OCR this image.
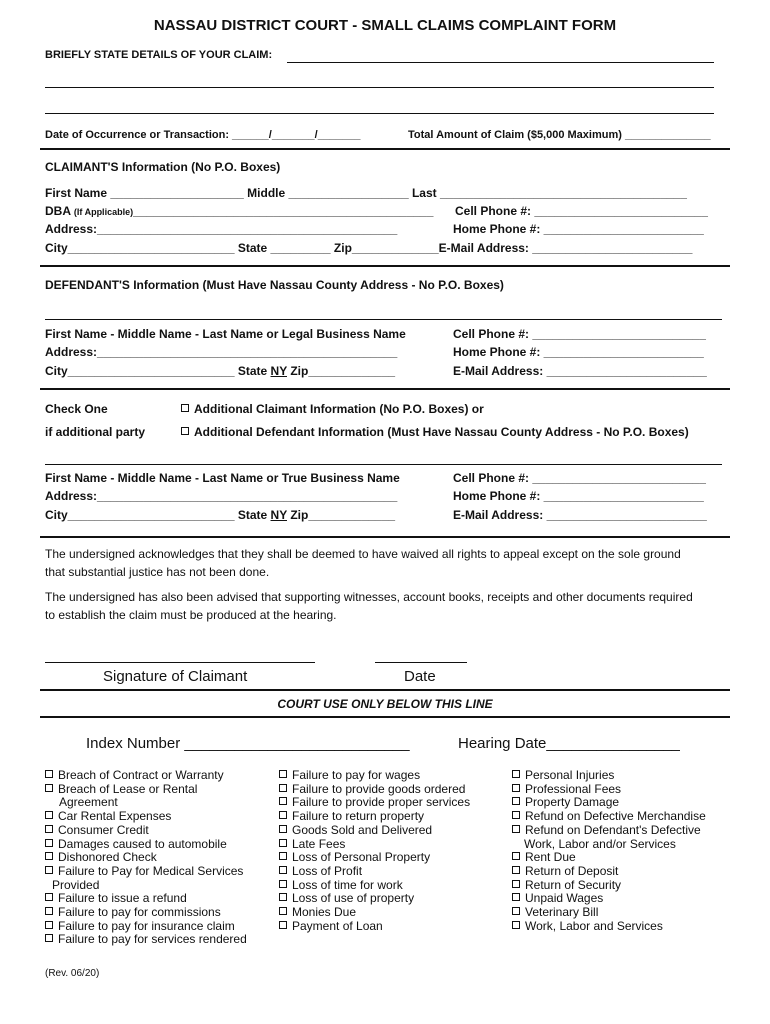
NASSAU DISTRICT COURT - SMALL CLAIMS COMPLAINT FORM
BRIEFLY STATE DETAILS OF YOUR CLAIM:
Date of Occurrence or Transaction: ______/_______/_______	Total Amount of Claim ($5,000 Maximum) ______________
CLAIMANT'S Information (No P.O. Boxes)
First Name ____________________ Middle __________________ Last _____________________________________
DBA (If Applicable)_____________________________________________ Cell Phone #: __________________________
Address:_____________________________________________	Home Phone #: ________________________
City_________________________ State _________ Zip_____________E-Mail Address: ________________________
DEFENDANT'S Information (Must Have Nassau County Address - No P.O. Boxes)
First Name - Middle Name - Last Name or Legal Business Name	Cell Phone #: __________________________
Address:_____________________________________________	Home Phone #: ________________________
City_________________________ State NY Zip_____________	E-Mail Address: ________________________
Check One
if additional party
Additional Claimant Information (No P.O. Boxes) or
Additional Defendant Information (Must Have Nassau County Address - No P.O. Boxes)
First Name - Middle Name - Last Name or True Business Name	Cell Phone #: __________________________
Address:_____________________________________________	Home Phone #: ________________________
City_________________________ State NY Zip_____________	E-Mail Address: ________________________
The undersigned acknowledges that they shall be deemed to have waived all rights to appeal except on the sole ground
that substantial justice has not been done.
The undersigned has also been advised that supporting witnesses, account books, receipts and other documents required
to establish the claim must be produced at the hearing.
Signature of Claimant	Date
COURT USE ONLY BELOW THIS LINE
Index Number ___________________________	Hearing Date________________
Breach of Contract or Warranty
Breach of Lease or Rental
Agreement
Car Rental Expenses
Consumer Credit
Damages caused to automobile
Dishonored Check
Failure to Pay for Medical Services
Provided
Failure to issue a refund
Failure to pay for commissions
Failure to pay for insurance claim
Failure to pay for services rendered
Failure to pay for wages
Failure to provide goods ordered
Failure to provide proper services
Failure to return property
Goods Sold and Delivered
Late Fees
Loss of Personal Property
Loss of Profit
Loss of time for work
Loss of use of property
Monies Due
Payment of Loan
Personal Injuries
Professional Fees
Property Damage
Refund on Defective Merchandise
Refund on Defendant's Defective
Work, Labor and/or Services
Rent Due
Return of Deposit
Return of Security
Unpaid Wages
Veterinary Bill
Work, Labor and Services
(Rev. 06/20)
